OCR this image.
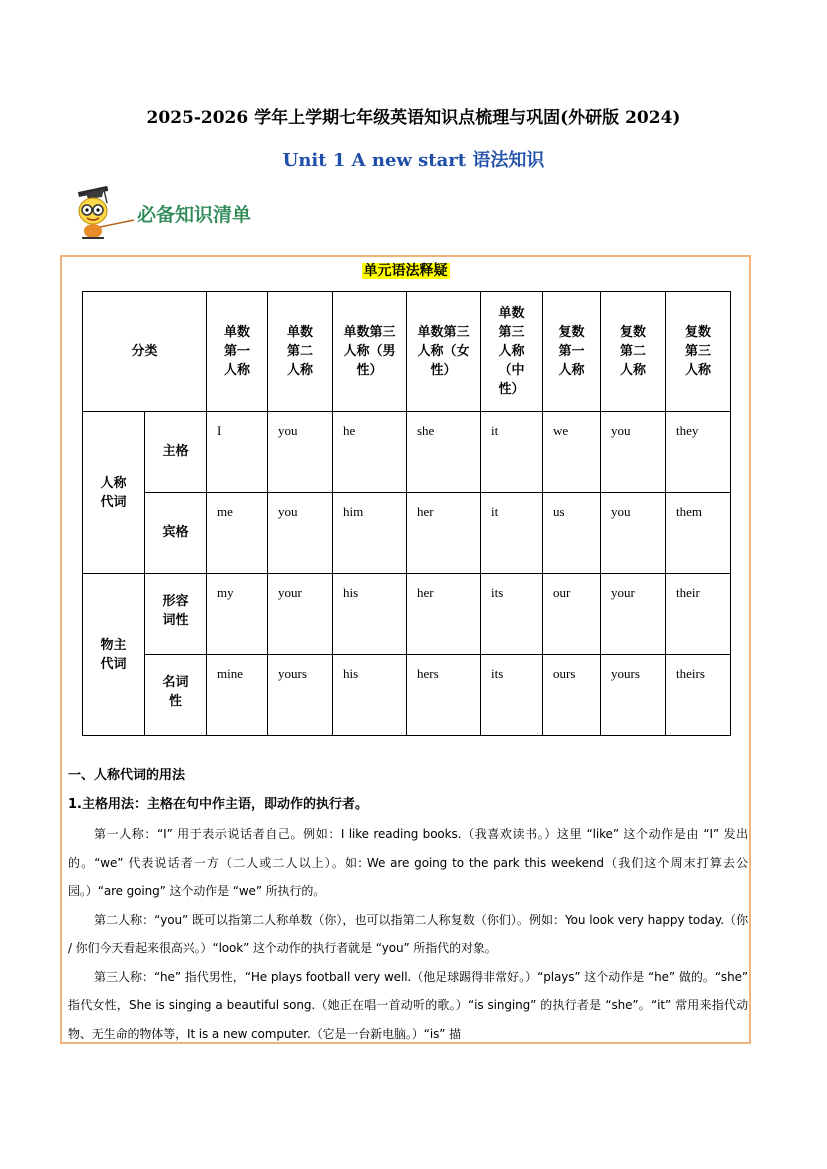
2025-2026 学年上学期七年级英语知识点梳理与巩固(外研版 2024)
Unit 1 A new start 语法知识
必备知识清单
单元语法释疑
分类		单数第一人称	单数第二人称	单数第三人称（男性）	单数第三人称（女性）	单数第三人称（中性）	复数第一人称	复数第二人称	复数第三人称

人称代词	主格	I	you	he	she	it	we	you	they
	宾格	me	you	him	her	it	us	you	them

物主代词	形容词性	my	your	his	her	its	our	your	their

	名词性	mine	yours	his	hers	its	ours	yours	theirs
一、人称代词的用法
1.主格用法：主格在句中作主语，即动作的执行者。

第一人称：“I” 用于表示说话者自己。例如：I like reading books.（我喜欢读书。）这里 “like” 这个动作是由 “I” 发出的。“we” 代表说话者一方（二人或二人以上）。如: We are going to the park this weekend（我们这个周末打算去公园。）“are going” 这个动作是 “we” 所执行的。

第二人称：“you” 既可以指第二人称单数（你），也可以指第二人称复数（你们）。例如：You look very happy today.（你 / 你们今天看起来很高兴。）“look” 这个动作的执行者就是 “you” 所指代的对象。

第三人称：“he” 指代男性，“He plays football very well.（他足球踢得非常好。）“plays” 这个动作是 “he” 做的。“she” 指代女性，She is singing a beautiful song.（她正在唱一首动听的歌。）“is singing” 的执行者是 “she”。“it” 常用来指代动物、无生命的物体等，It is a new computer.（它是一台新电脑。）“is” 描
